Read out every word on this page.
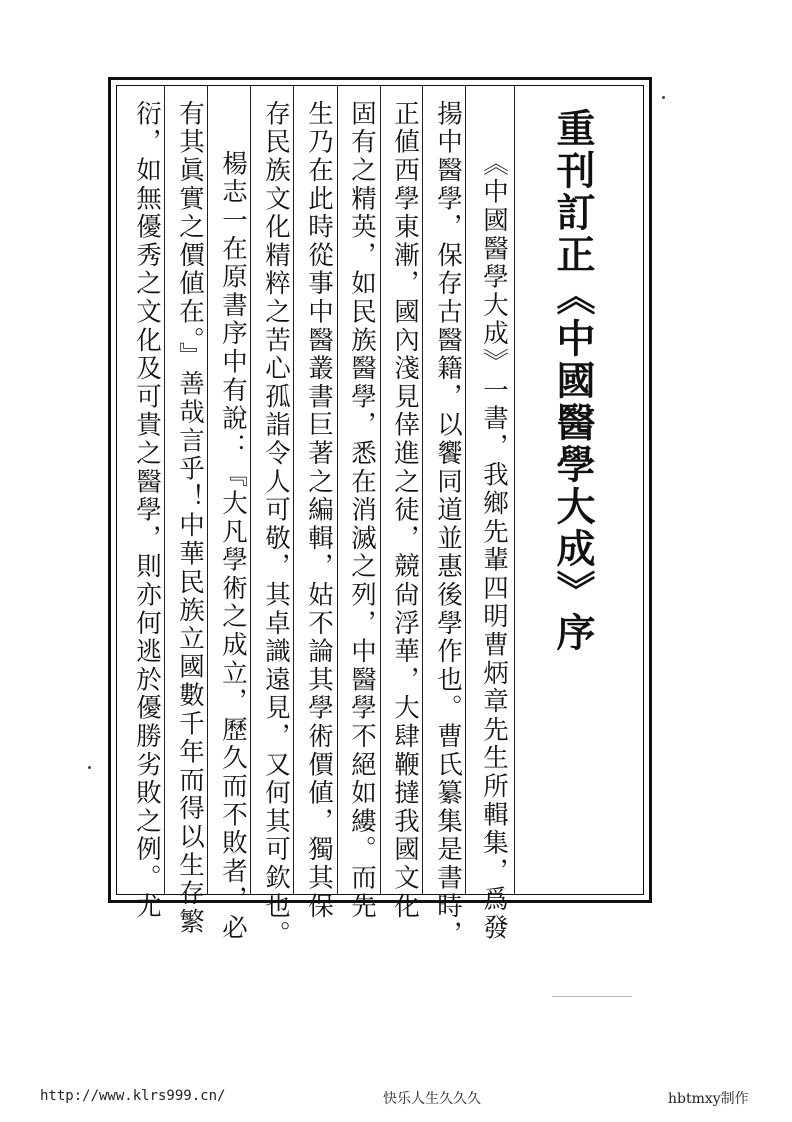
重刊訂正《中國醫學大成》序
《中國醫學大成》一書，我鄉先輩四明曹炳章先生所輯集，爲發
揚中醫學，保存古醫籍，以饗同道並惠後學作也。曹氏纂集是書時，
正値西學東漸，國內淺見倖進之徒，競尙浮華，大肆鞭撻我國文化
固有之精英，如民族醫學，悉在消滅之列，中醫學不絕如縷。而先
生乃在此時從事中醫叢書巨著之編輯，姑不論其學術價値，獨其保
存民族文化精粹之苦心孤詣令人可敬，其卓識遠見，又何其可欽也。
楊志一在原書序中有說：『大凡學術之成立，歷久而不敗者，必
有其眞實之價値在。』善哉言乎！中華民族立國數千年而得以生存繁
衍，如無優秀之文化及可貴之醫學，則亦何逃於優勝劣敗之例。尤
http://www.klrs999.cn/	快乐人生久久久	hbtmxy制作
